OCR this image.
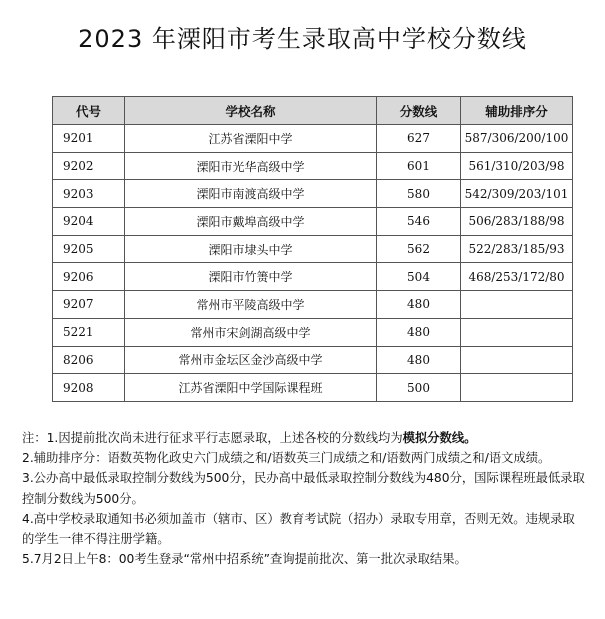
2023 年溧阳市考生录取高中学校分数线
代号	学校名称	分数线	辅助排序分
9201	江苏省溧阳中学	627	587/306/200/100
9202	溧阳市光华高级中学	601	561/310/203/98
9203	溧阳市南渡高级中学	580	542/309/203/101
9204	溧阳市戴埠高级中学	546	506/283/188/98
9205	溧阳市埭头中学	562	522/283/185/93
9206	溧阳市竹箦中学	504	468/253/172/80
9207	常州市平陵高级中学	480	
5221	常州市宋剑湖高级中学	480	
8206	常州市金坛区金沙高级中学	480	
9208	江苏省溧阳中学国际课程班	500	

注：1.因提前批次尚未进行征求平行志愿录取，上述各校的分数线均为模拟分数线。

2.辅助排序分：语数英物化政史六门成绩之和/语数英三门成绩之和/语数两门成绩之和/语文成绩。

3.公办高中最低录取控制分数线为500分，民办高中最低录取控制分数线为480分，国际课程班最低录取控制分数线为500分。

4.高中学校录取通知书必须加盖市（辖市、区）教育考试院（招办）录取专用章，否则无效。违规录取的学生一律不得注册学籍。

5.7月2日上午8：00考生登录“常州中招系统”查询提前批次、第一批次录取结果。
